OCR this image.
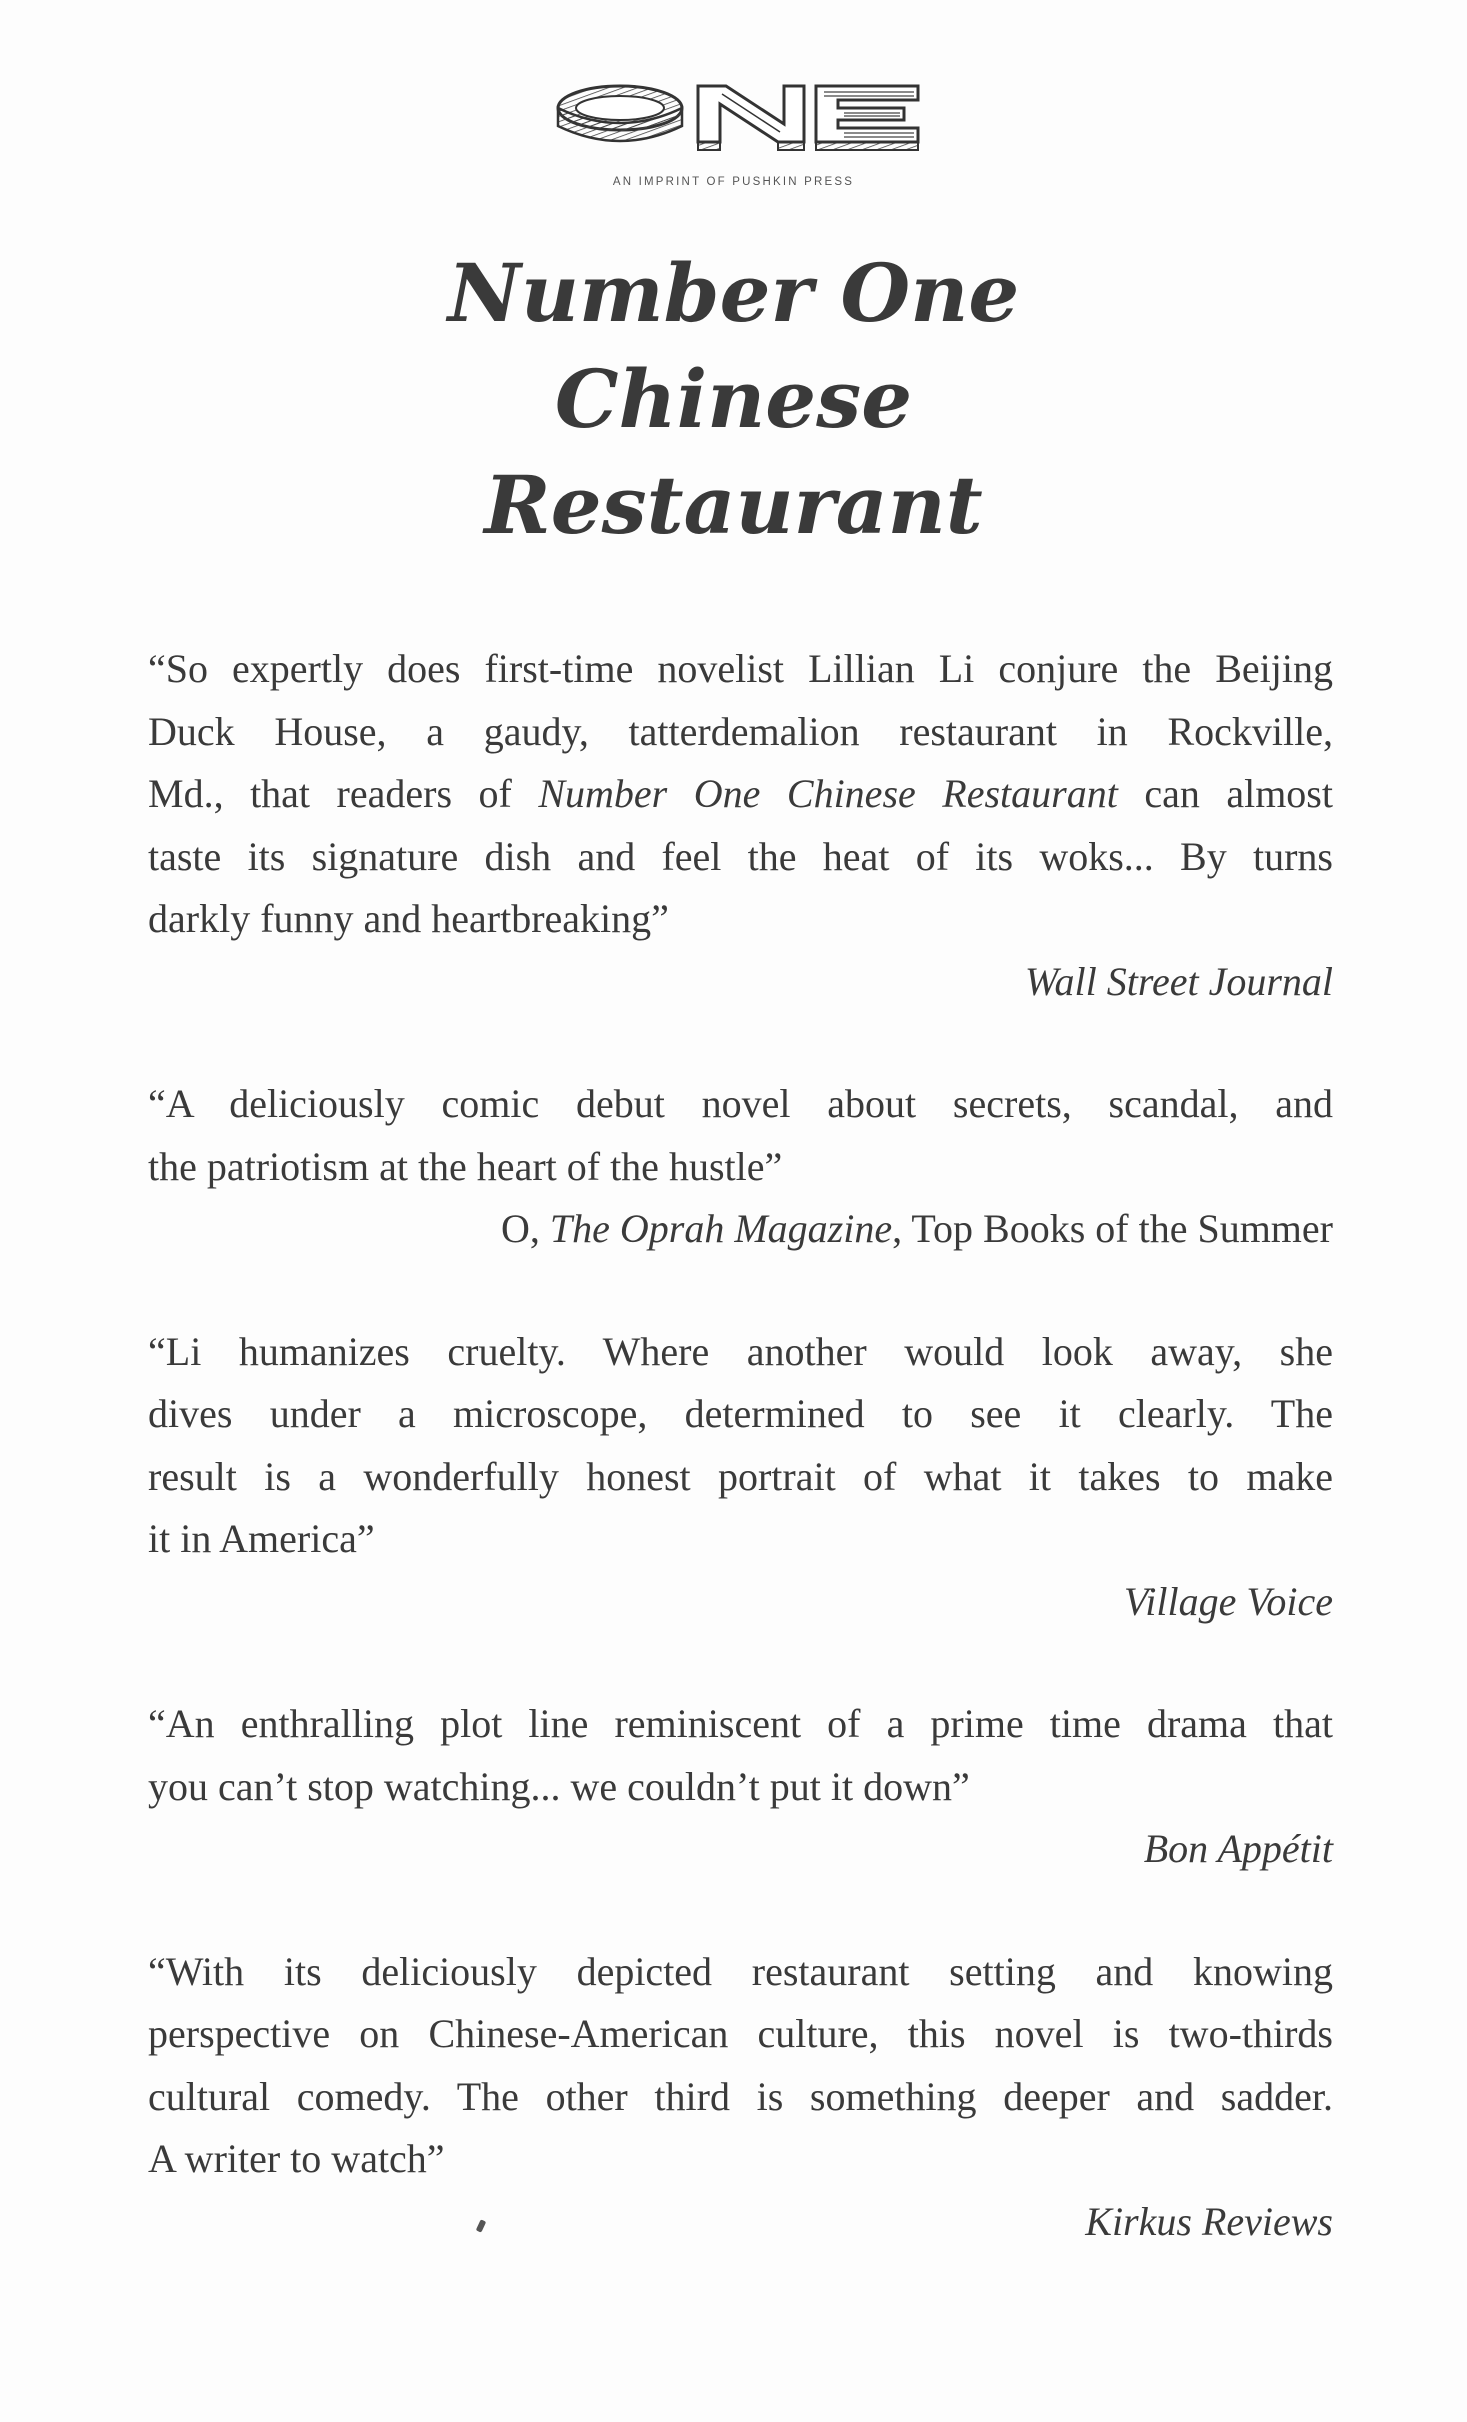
AN IMPRINT OF PUSHKIN PRESS
Number One
Chinese
Restaurant
“So expertly does first-time novelist Lillian Li conjure the Beijing
Duck House, a gaudy, tatterdemalion restaurant in Rockville,
Md., that readers of Number One Chinese Restaurant can almost
taste its signature dish and feel the heat of its woks... By turns
darkly funny and heartbreaking”
Wall Street Journal
“A deliciously comic debut novel about secrets, scandal, and
the patriotism at the heart of the hustle”
O, The Oprah Magazine, Top Books of the Summer
“Li humanizes cruelty. Where another would look away, she
dives under a microscope, determined to see it clearly. The
result is a wonderfully honest portrait of what it takes to make
it in America”
Village Voice
“An enthralling plot line reminiscent of a prime time drama that
you can’t stop watching... we couldn’t put it down”
Bon Appétit
“With its deliciously depicted restaurant setting and knowing
perspective on Chinese-American culture, this novel is two-thirds
cultural comedy. The other third is something deeper and sadder.
A writer to watch”
Kirkus Reviews
